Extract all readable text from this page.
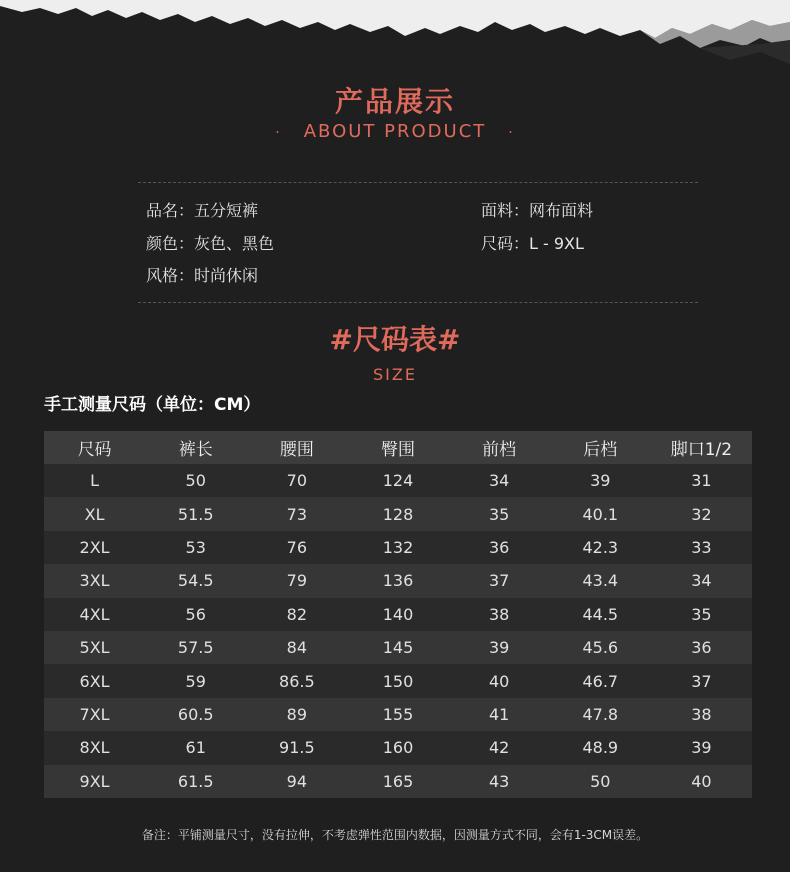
产品展示
· ABOUT PRODUCT ·
品名：五分短裤	面料：网布面料
颜色：灰色、黑色	尺码：L - 9XL
风格：时尚休闲
#尺码表#
SIZE
手工测量尺码（单位：CM）
尺码	裤长	腰围	臀围	前档	后档	脚口1/2
L	50	70	124	34	39	31
XL	51.5	73	128	35	40.1	32
2XL	53	76	132	36	42.3	33
3XL	54.5	79	136	37	43.4	34
4XL	56	82	140	38	44.5	35
5XL	57.5	84	145	39	45.6	36
6XL	59	86.5	150	40	46.7	37
7XL	60.5	89	155	41	47.8	38
8XL	61	91.5	160	42	48.9	39
9XL	61.5	94	165	43	50	40
备注：平铺测量尺寸，没有拉伸，不考虑弹性范围内数据，因测量方式不同，会有1-3CM误差。
